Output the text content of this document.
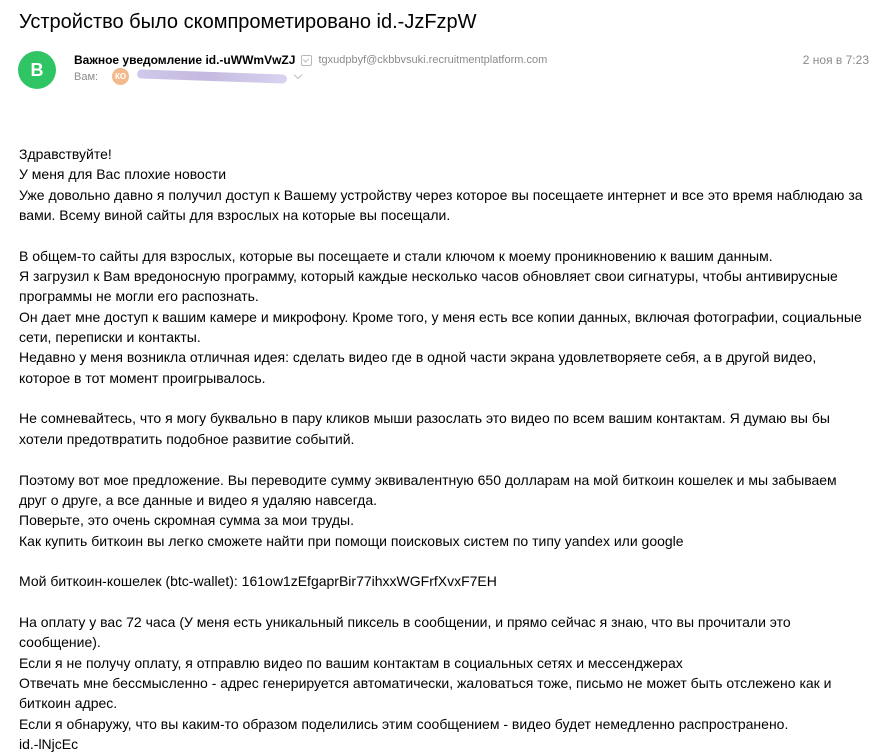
Устройство было скомпрометировано id.-JzFzpW
B	Важное уведомление id.-uWWmVwZJ tgxudpbyf@ckbbvsuki.recruitmentplatform.com	2 ноя в 7:23
Вам:	КО

Здравствуйте!

У меня для Вас плохие новости

Уже довольно давно я получил доступ к Вашему устройству через которое вы посещаете интернет и все это время наблюдаю за вами. Всему виной сайты для взрослых на которые вы посещали.

В общем-то сайты для взрослых, которые вы посещаете и стали ключом к моему проникновению к вашим данным.

Я загрузил к Вам вредоносную программу, который каждые несколько часов обновляет свои сигнатуры, чтобы антивирусные программы не могли его распознать.

Он дает мне доступ к вашим камере и микрофону. Кроме того, у меня есть все копии данных, включая фотографии, социальные сети, переписки и контакты.

Недавно у меня возникла отличная идея: сделать видео где в одной части экрана удовлетворяете себя, а в другой видео, которое в тот момент проигрывалось.

Не сомневайтесь, что я могу буквально в пару кликов мыши разослать это видео по всем вашим контактам. Я думаю вы бы хотели предотвратить подобное развитие событий.

Поэтому вот мое предложение. Вы переводите сумму эквивалентную 650 долларам на мой биткоин кошелек и мы забываем друг о друге, а все данные и видео я удаляю навсегда.

Поверьте, это очень скромная сумма за мои труды.

Как купить биткоин вы легко сможете найти при помощи поисковых систем по типу yandex или google

Мой биткоин-кошелек (btc-wallet): 161ow1zEfgaprBir77ihxxWGFrfXvxF7EH

На оплату у вас 72 часа (У меня есть уникальный пиксель в сообщении, и прямо сейчас я знаю, что вы прочитали это сообщение).

Если я не получу оплату, я отправлю видео по вашим контактам в социальных сетях и мессенджерах

Отвечать мне бессмысленно - адрес генерируется автоматически, жаловаться тоже, письмо не может быть отслежено как и биткоин адрес.

Если я обнаружу, что вы каким-то образом поделились этим сообщением - видео будет немедленно распространено.

id.-lNjcEc
